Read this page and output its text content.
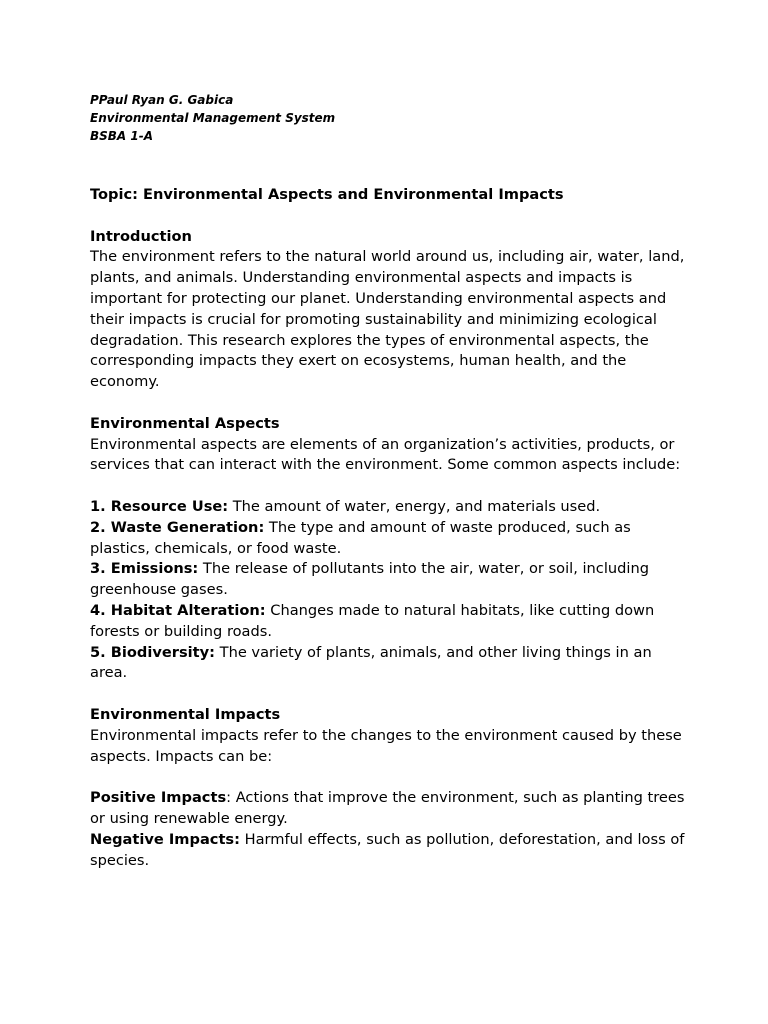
PPaul Ryan G. Gabica
Environmental Management System
BSBA 1-A

Topic: Environmental Aspects and Environmental Impacts

Introduction

The environment refers to the natural world around us, including air, water, land, plants, and animals. Understanding environmental aspects and impacts is important for protecting our planet. Understanding environmental aspects and their impacts is crucial for promoting sustainability and minimizing ecological degradation. This research explores the types of environmental aspects, the corresponding impacts they exert on ecosystems, human health, and the economy.

Environmental Aspects

Environmental aspects are elements of an organization’s activities, products, or services that can interact with the environment. Some common aspects include:

1. Resource Use: The amount of water, energy, and materials used.

2. Waste Generation: The type and amount of waste produced, such as plastics, chemicals, or food waste.

3. Emissions: The release of pollutants into the air, water, or soil, including greenhouse gases.

4. Habitat Alteration: Changes made to natural habitats, like cutting down forests or building roads.

5. Biodiversity: The variety of plants, animals, and other living things in an area.

Environmental Impacts

Environmental impacts refer to the changes to the environment caused by these aspects. Impacts can be:

Positive Impacts: Actions that improve the environment, such as planting trees or using renewable energy.

Negative Impacts: Harmful effects, such as pollution, deforestation, and loss of species.
